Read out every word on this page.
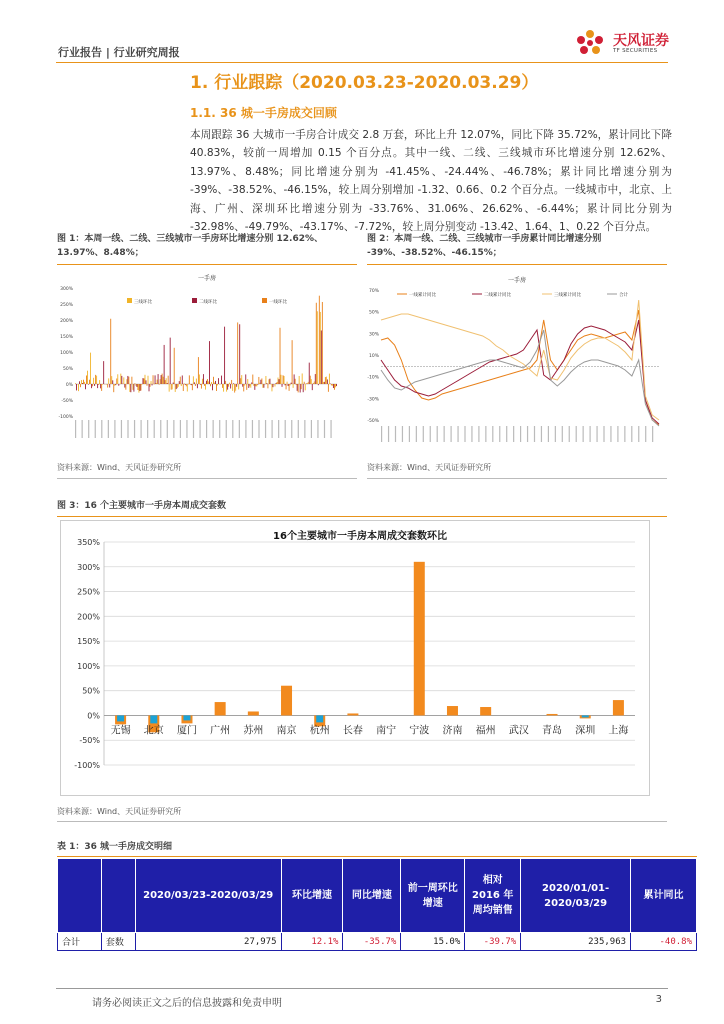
行业报告 | 行业研究周报
天风证券
TF SECURITIES
1. 行业跟踪（2020.03.23-2020.03.29）
1.1. 36 城一手房成交回顾
本周跟踪 36 大城市一手房合计成交 2.8 万套，环比上升 12.07%，同比下降 35.72%，累计同比下降 40.83%，较前一周增加 0.15 个百分点。其中一线、二线、三线城市环比增速分别 12.62%、13.97%、8.48%；同比增速分别为 -41.45%、-24.44%、-46.78%；累计同比增速分别为 -39%、-38.52%、-46.15%，较上周分别增加 -1.32、0.66、0.2 个百分点。一线城市中，北京、上海、广州、深圳环比增速分别为 -33.76%、31.06%、26.62%、-6.44%；累计同比分别为 -32.98%、-49.79%、-43.17%、-7.72%，较上周分别变动 -13.42、1.64、1、0.22 个百分点。
图 1：本周一线、二线、三线城市一手房环比增速分别 12.62%、13.97%、8.48%；
一手房
300%
250%
200%
150%
100%
50%
0%
-50%
-100%
三线环比	二线环比	一线环比
资料来源：Wind、天风证券研究所
图 2：本周一线、二线、三线城市一手房累计同比增速分别 -39%、-38.52%、-46.15%；
一手房
70%
50%
30%
10%
-10%
-30%
-50%
一线累计同比	二线累计同比	三线累计同比	合计
资料来源：Wind、天风证券研究所
图 3：16 个主要城市一手房本周成交套数
16个主要城市一手房本周成交套数环比
-100%
-50%
0%
50%
100%
150%
200%
250%
300%
350%
无锡 北京 厦门 广州 苏州 南京 杭州 长春 南宁 宁波 济南 福州 武汉 青岛 深圳 上海
资料来源：Wind、天风证券研究所
表 1：36 城一手房成交明细
		2020/03/23-2020/03/29	环比增速	同比增速	前一周环比增速	相对 2016 年周均销售	2020/01/01-2020/03/29	累计同比
合计	套数	27,975	12.1%	-35.7%	15.0%	-39.7%	235,963	-40.8%
请务必阅读正文之后的信息披露和免责申明	3
